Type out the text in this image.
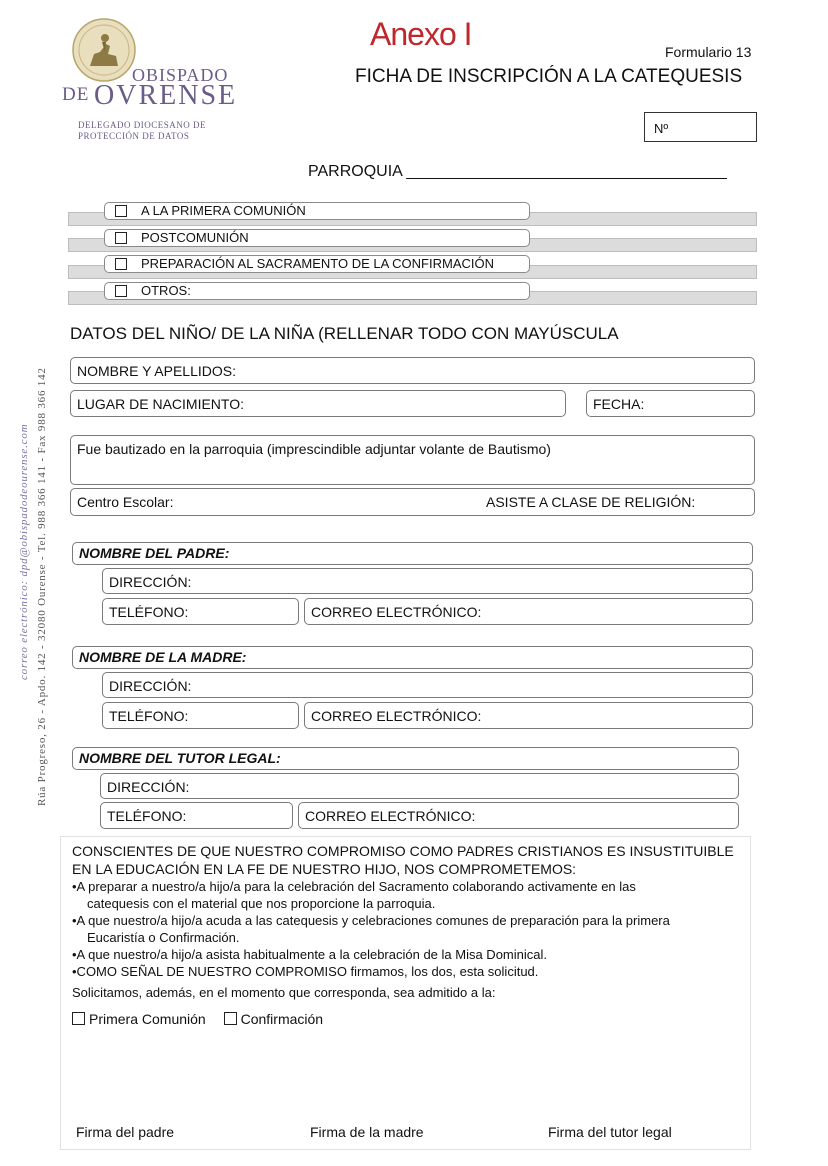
OBISPADO
DE OVRENSE
DELEGADO DIOCESANO DE
PROTECCIÓN DE DATOS
Anexo I	Formulario 13
FICHA DE INSCRIPCIÓN A LA CATEQUESIS
Nº
PARROQUIA ____________________________________
A LA PRIMERA COMUNIÓN
POSTCOMUNIÓN
PREPARACIÓN AL SACRAMENTO DE LA CONFIRMACIÓN
OTROS:
DATOS DEL NIÑO/ DE LA NIÑA (RELLENAR TODO CON MAYÚSCULA
NOMBRE Y APELLIDOS:
LUGAR DE NACIMIENTO:	FECHA:
Fue bautizado en la parroquia (imprescindible adjuntar volante de Bautismo)
Centro Escolar:	ASISTE A CLASE DE RELIGIÓN:
NOMBRE DEL PADRE:
DIRECCIÓN:
TELÉFONO:	CORREO ELECTRÓNICO:
NOMBRE DE LA MADRE:
DIRECCIÓN:
TELÉFONO:	CORREO ELECTRÓNICO:
NOMBRE DEL TUTOR LEGAL:
DIRECCIÓN:
TELÉFONO:	CORREO ELECTRÓNICO:

CONSCIENTES DE QUE NUESTRO COMPROMISO COMO PADRES CRISTIANOS ES INSUSTITUIBLE

EN LA EDUCACIÓN EN LA FE DE NUESTRO HIJO, NOS COMPROMETEMOS:

•A preparar a nuestro/a hijo/a para la celebración del Sacramento colaborando activamente en las

catequesis con el material que nos proporcione la parroquia.

•A que nuestro/a hijo/a acuda a las catequesis y celebraciones comunes de preparación para la primera

Eucaristía o Confirmación.

•A que nuestro/a hijo/a asista habitualmente a la celebración de la Misa Dominical.

•COMO SEÑAL DE NUESTRO COMPROMISO firmamos, los dos, esta solicitud.

Solicitamos, además, en el momento que corresponda, sea admitido a la:

Primera Comunión Confirmación

Firma del padre	Firma de la madre	Firma del tutor legal
Rúa Progreso, 26 - Apdo. 142 - 32080 Ourense - Tel. 988 366 141 - Fax 988 366 142
correo electrónico: dpd@obispadodeourense.com
